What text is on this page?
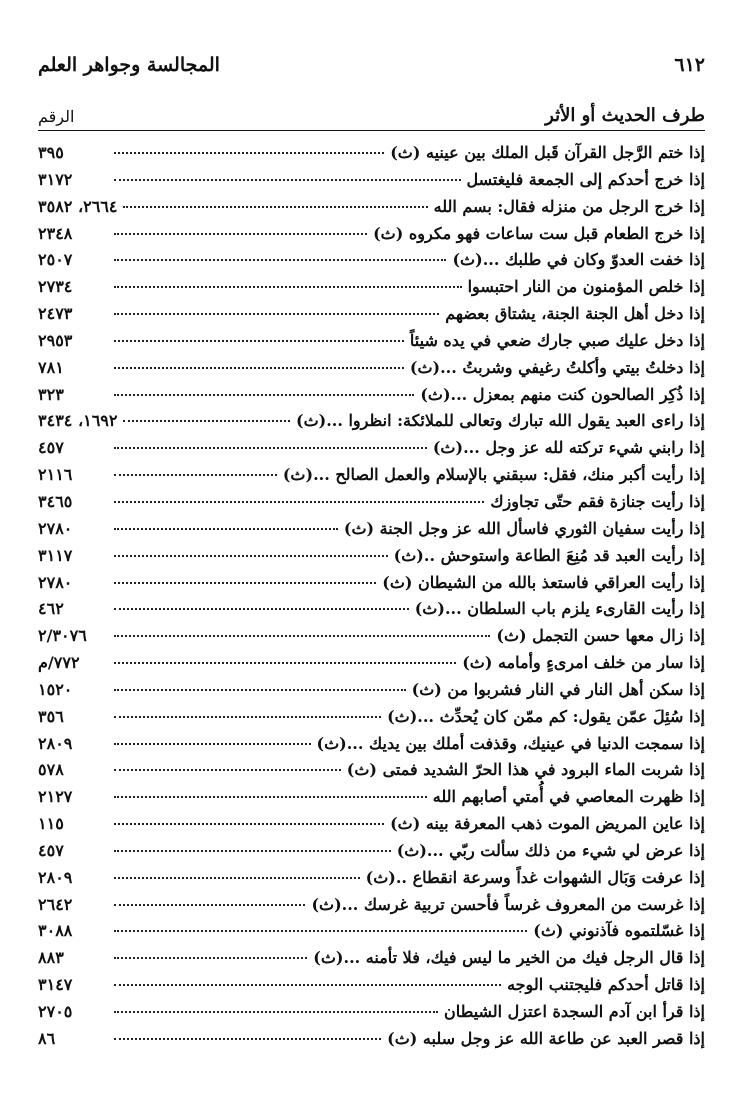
٦١٢
المجالسة وجواهر العلم
طرف الحديث أو الأثر
الرقم
إذا ختم الرَّجل القرآن قَبل الملك بين عينيه (ث)
٣٩٥
إذا خرج أحدكم إلى الجمعة فليغتسل
٣١٧٢
إذا خرج الرجل من منزله فقال: بسم الله
٢٦٦٤، ٣٥٨٢
إذا خرج الطعام قبل ست ساعات فهو مكروه (ث)
٢٣٤٨
إذا خفت العدوّ وكان في طلبك ...(ث)
٢٥٠٧
إذا خلص المؤمنون من النار احتبسوا
٢٧٣٤
إذا دخل أهل الجنة الجنة، يشتاق بعضهم
٢٤٧٣
إذا دخل عليك صبي جارك ضعي في يده شيئاً
٢٩٥٣
إذا دخلتُ بيتي وأكلتُ رغيفي وشربتُ ...(ث)
٧٨١
إذا ذُكِر الصالحون كنت منهم بمعزل ...(ث)
٣٢٣
إذا راءى العبد يقول الله تبارك وتعالى للملائكة: انظروا ...(ث)
١٦٩٢، ٣٤٣٤
إذا رابني شيء تركته لله عز وجل ...(ث)
٤٥٧
إذا رأيت أكبر منك، فقل: سبقني بالإسلام والعمل الصالح ...(ث)
٢١١٦
إذا رأيت جنازة فقم حتّى تجاوزك
٣٤٦٥
إذا رأيت سفيان الثوري فاسأل الله عز وجل الجنة (ث)
٢٧٨٠
إذا رأيت العبد قد مُنِعَ الطاعة واستوحش ..(ث)
٣١١٧
إذا رأيت العراقي فاستعذ بالله من الشيطان (ث)
٢٧٨٠
إذا رأيت القارىء يلزم باب السلطان ...(ث)
٤٦٢
إذا زال معها حسن التجمل (ث)
٢/٣٠٧٦
إذا سار من خلف امرىءٍ وأمامه (ث)
٧٧٢/م
إذا سكن أهل النار في النار فشربوا من (ث)
١٥٢٠
إذا سُئِلَ عمّن يقول: كم ممّن كان يُحدِّث ...(ث)
٣٥٦
إذا سمجت الدنيا في عينيك، وقذفت أملك بين يديك ...(ث)
٢٨٠٩
إذا شربت الماء البرود في هذا الحرّ الشديد فمتى (ث)
٥٧٨
إذا ظهرت المعاصي في أُمتي أصابهم الله
٢١٢٧
إذا عاين المريض الموت ذهب المعرفة بينه (ث)
١١٥
إذا عرض لي شيء من ذلك سألت ربّي ...(ث)
٤٥٧
إذا عرفت وَبَال الشهوات غداً وسرعة انقطاع ..(ث)
٢٨٠٩
إذا غرست من المعروف غرساً فأحسن تربية غرسك ...(ث)
٢٦٤٢
إذا غسّلتموه فآذنوني (ث)
٣٠٨٨
إذا قال الرجل فيك من الخير ما ليس فيك، فلا تأمنه ...(ث)
٨٨٣
إذا قاتل أحدكم فليجتنب الوجه
٣١٤٧
إذا قرأ ابن آدم السجدة اعتزل الشيطان
٢٧٠٥
إذا قصر العبد عن طاعة الله عز وجل سلبه (ث)
٨٦
